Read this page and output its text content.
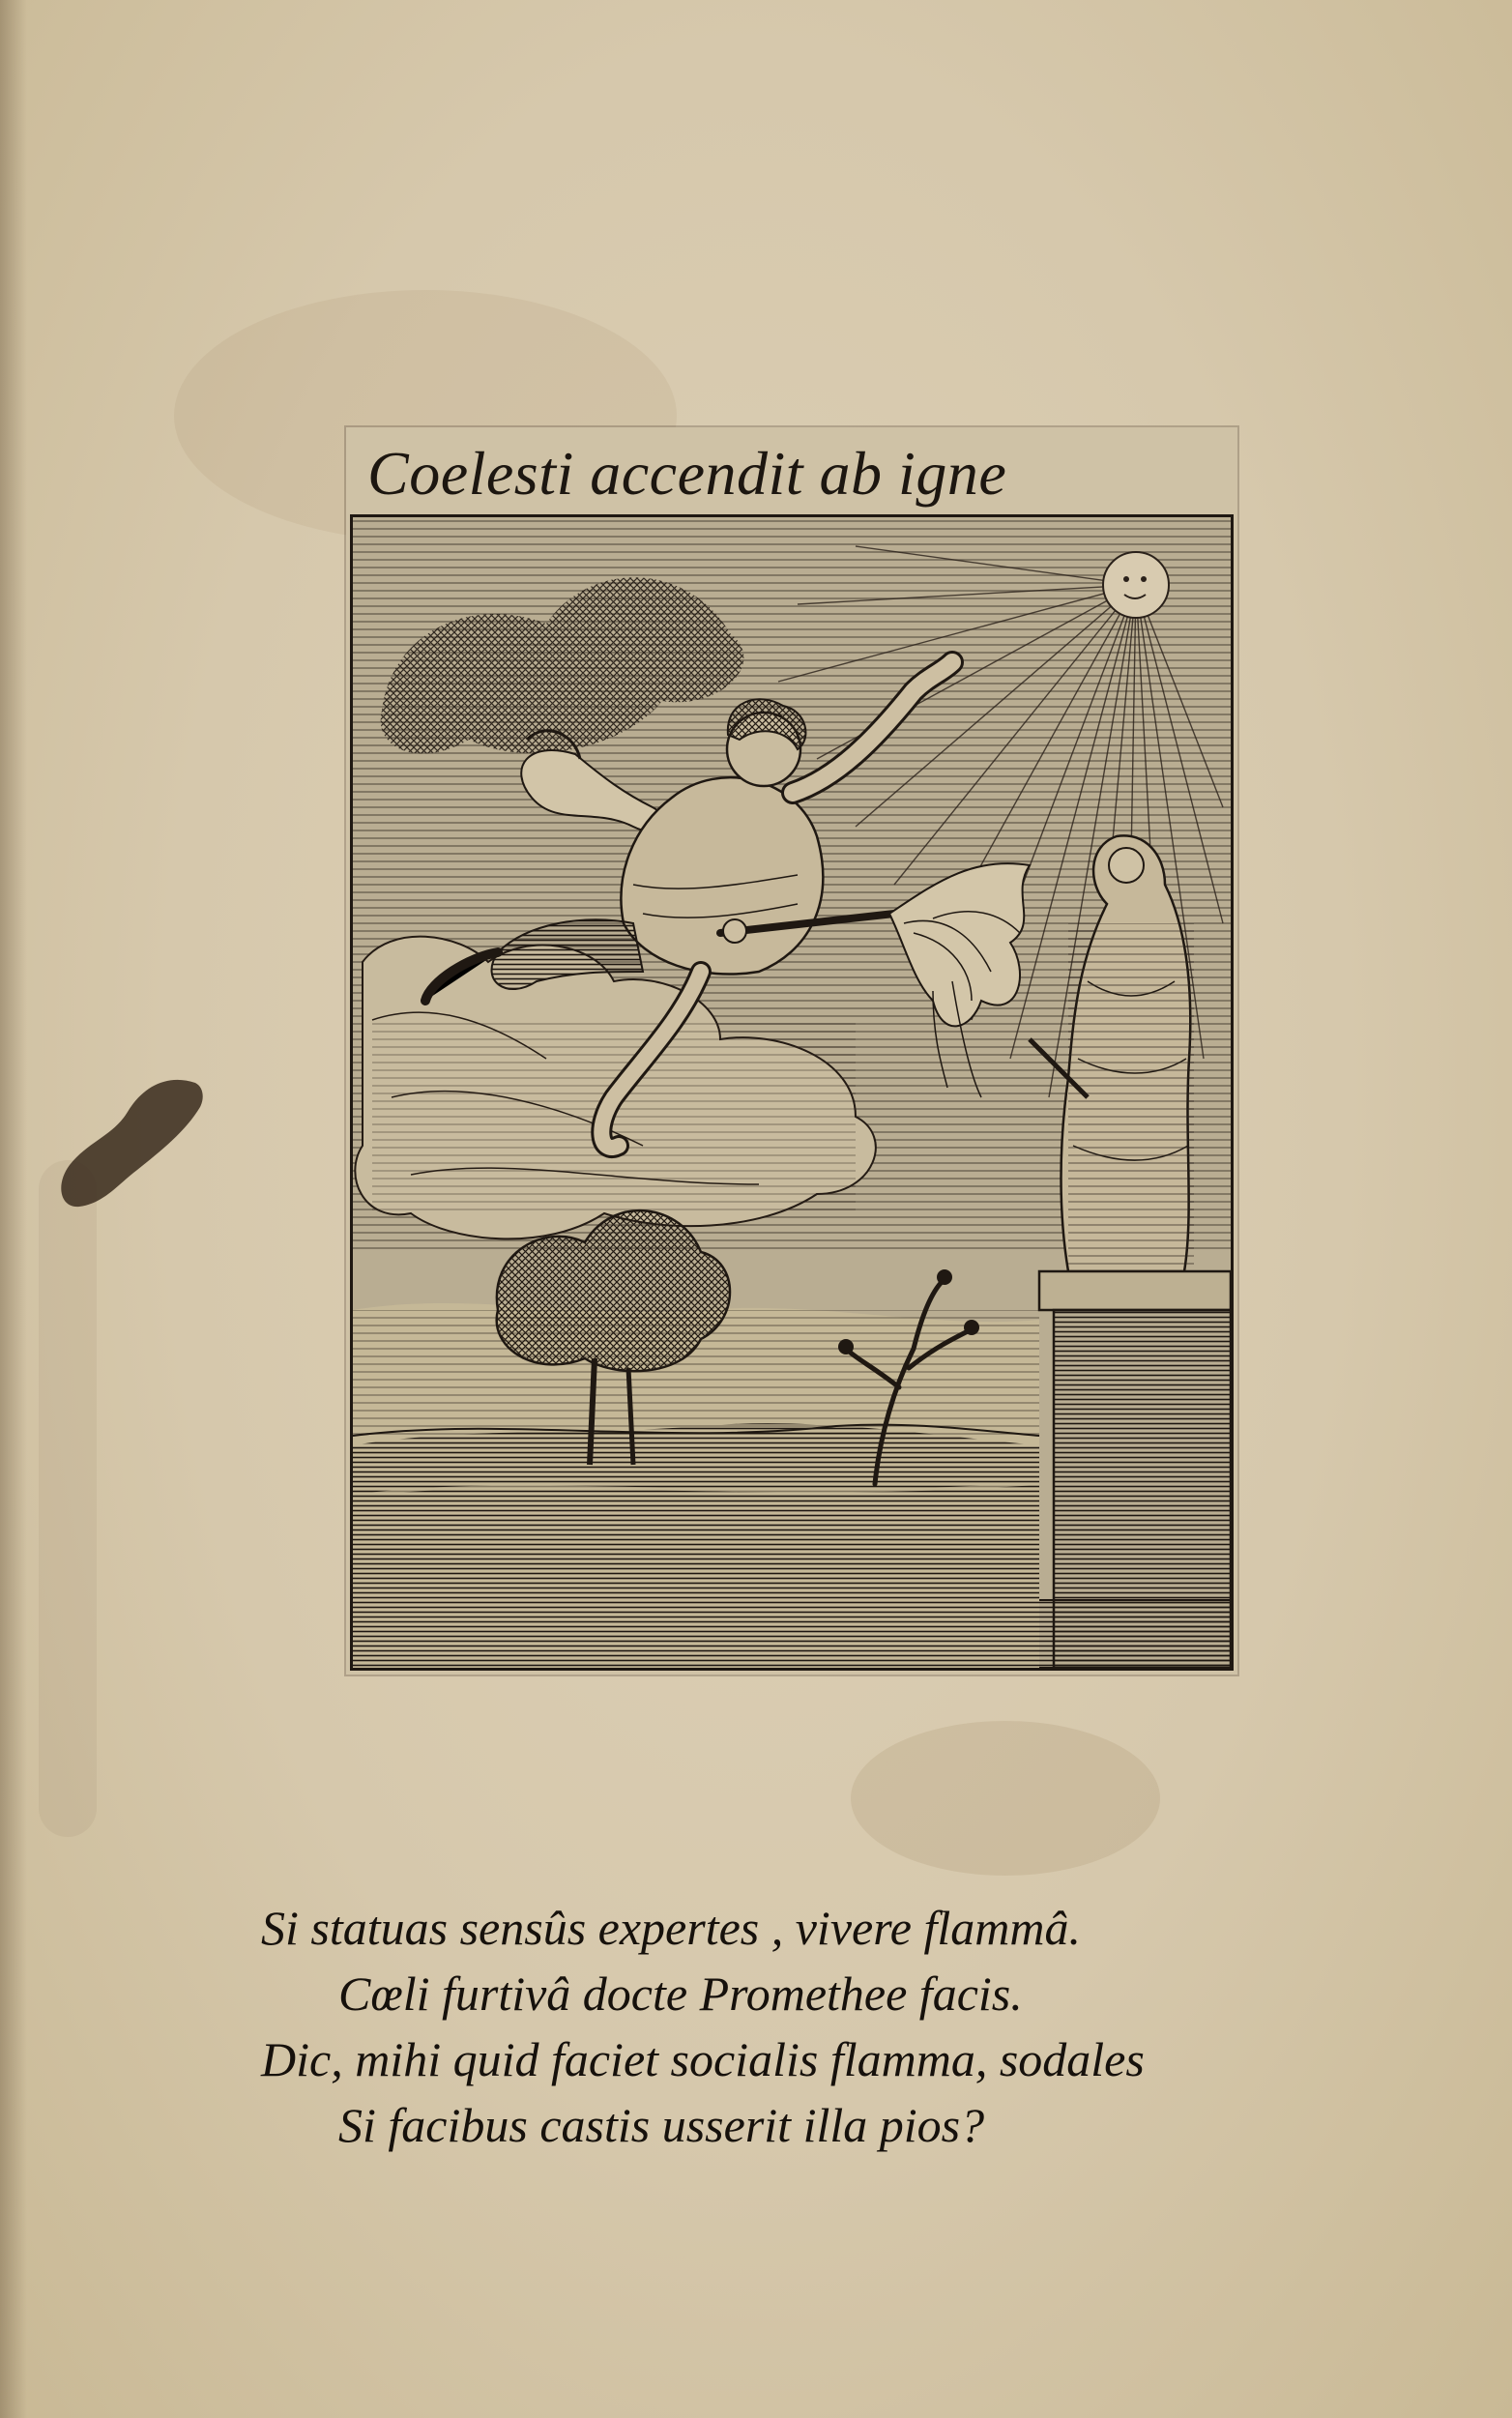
Coelesti accendit ab igne
Si statuas sensûs expertes , vivere flammâ.
Cœli furtivâ docte Promethee facis.
Dic, mihi quid faciet socialis flamma, sodales
Si facibus castis usserit illa pios?
